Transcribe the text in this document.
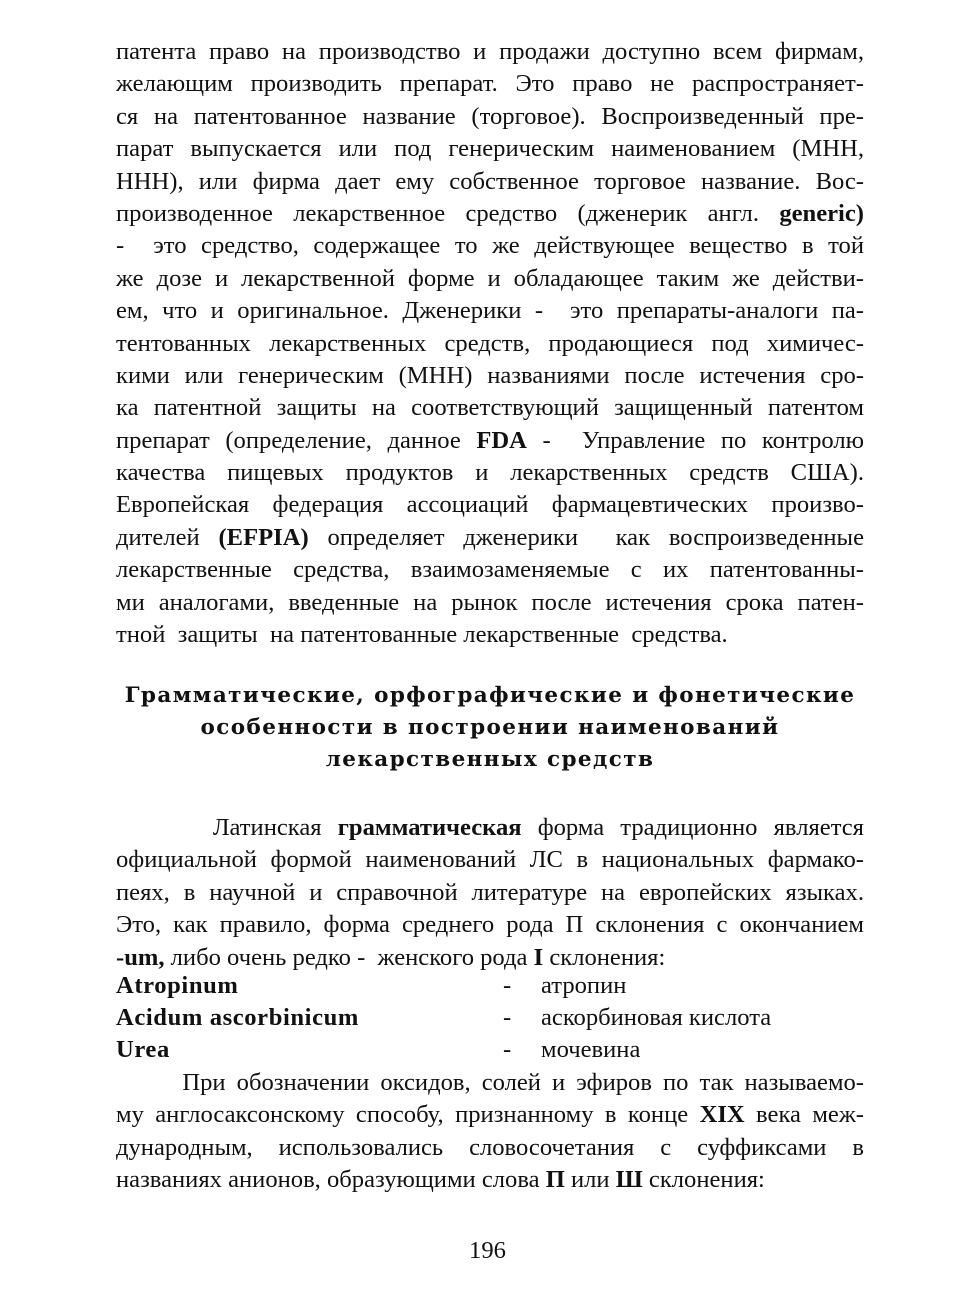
патента право на производство и продажи доступно всем фирмам,
желающим производить препарат. Это право не распространяет-
ся на патентованное название (торговое). Воспроизведенный пре-
парат выпускается или под генерическим наименованием (МНН,
ННН), или фирма дает ему собственное торговое название. Вос-
производенное лекарственное средство (дженерик англ. generic)
-  это средство, содержащее то же действующее вещество в той
же дозе и лекарственной форме и обладающее таким же действи-
ем, что и оригинальное. Дженерики -  это препараты-аналоги па-
тентованных лекарственных средств, продающиеся под химичес-
кими или генерическим (МНН) названиями после истечения сро-
ка патентной защиты на соответствующий защищенный патентом
препарат (определение, данное FDA -  Управление по контролю
качества пищевых продуктов и лекарственных средств США).
Европейская федерация ассоциаций фармацевтических произво-
дителей (EFPIA) определяет дженерики  как воспроизведенные
лекарственные средства, взаимозаменяемые с их патентованны-
ми аналогами, введенные на рынок после истечения срока патен-
тной  защиты  на патентованные лекарственные  средства.
Грамматические, орфографические и фонетические
особенности в построении наименований
лекарственных средств
Латинская грамматическая форма традиционно является
официальной формой наименований ЛС в национальных фармако-
пеях, в научной и справочной литературе на европейских языках.
Это, как правило, форма среднего рода П склонения с окончанием
-um, либо очень редко -  женского рода I склонения:
Atropinum	- атропин
Acidum ascorbinicum	- аскорбиновая кислота
Urea	- мочевина
При обозначении оксидов, солей и эфиров по так называемо-
му англосаксонскому способу, признанному в конце XIX века меж-
дународным,  использовались  словосочетания  с  суффиксами  в
названиях анионов, образующими слова П или Ш склонения:
196
